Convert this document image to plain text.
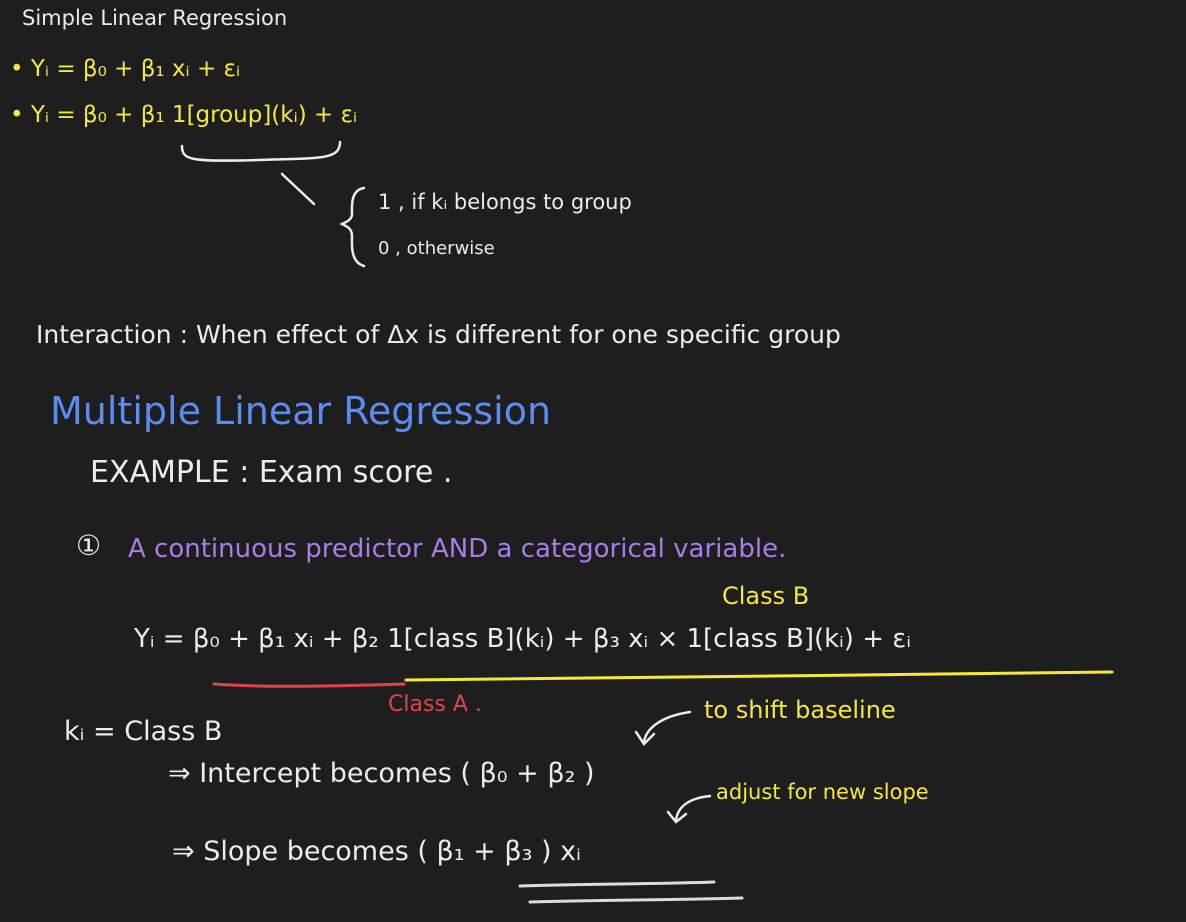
Simple Linear Regression
• Yᵢ = β₀ + β₁ xᵢ + εᵢ
• Yᵢ = β₀ + β₁ 1[group](kᵢ) + εᵢ
1 , if kᵢ belongs to group
0 , otherwise
Interaction : When effect of Δx is different for one specific group
Multiple Linear Regression
EXAMPLE : Exam score .
① A continuous predictor AND a categorical variable.
Class B
Yᵢ = β₀ + β₁ xᵢ + β₂ 1[class B](kᵢ) + β₃ xᵢ × 1[class B](kᵢ) + εᵢ
Class A .	to shift baseline
kᵢ = Class B
⇒ Intercept becomes ( β₀ + β₂ )
adjust for new slope
⇒ Slope becomes ( β₁ + β₃ ) xᵢ
